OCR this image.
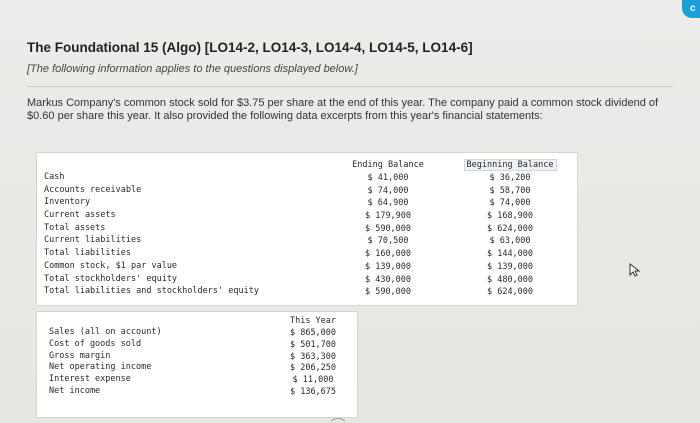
c
The Foundational 15 (Algo) [LO14-2, LO14-3, LO14-4, LO14-5, LO14-6]
[The following information applies to the questions displayed below.]
Markus Company's common stock sold for $3.75 per share at the end of this year. The company paid a common stock dividend of $0.60 per share this year. It also provided the following data excerpts from this year's financial statements:
Cash
Accounts receivable
Inventory
Current assets
Total assets
Current liabilities
Total liabilities
Common stock, $1 par value
Total stockholders' equity
Total liabilities and stockholders' equity
Ending Balance
$ 41,000
$ 74,000
$ 64,900
$ 179,900
$ 590,000
$ 70,500
$ 160,000
$ 139,000
$ 430,000
$ 590,000
Beginning Balance
$ 36,200
$ 58,700
$ 74,000
$ 168,900
$ 624,000
$ 63,000
$ 144,000
$ 139,000
$ 480,000
$ 624,000
Sales (all on account)
Cost of goods sold
Gross margin
Net operating income
Interest expense
Net income
This Year
$ 865,000
$ 501,700
$ 363,300
$ 206,250
$ 11,000
$ 136,675
